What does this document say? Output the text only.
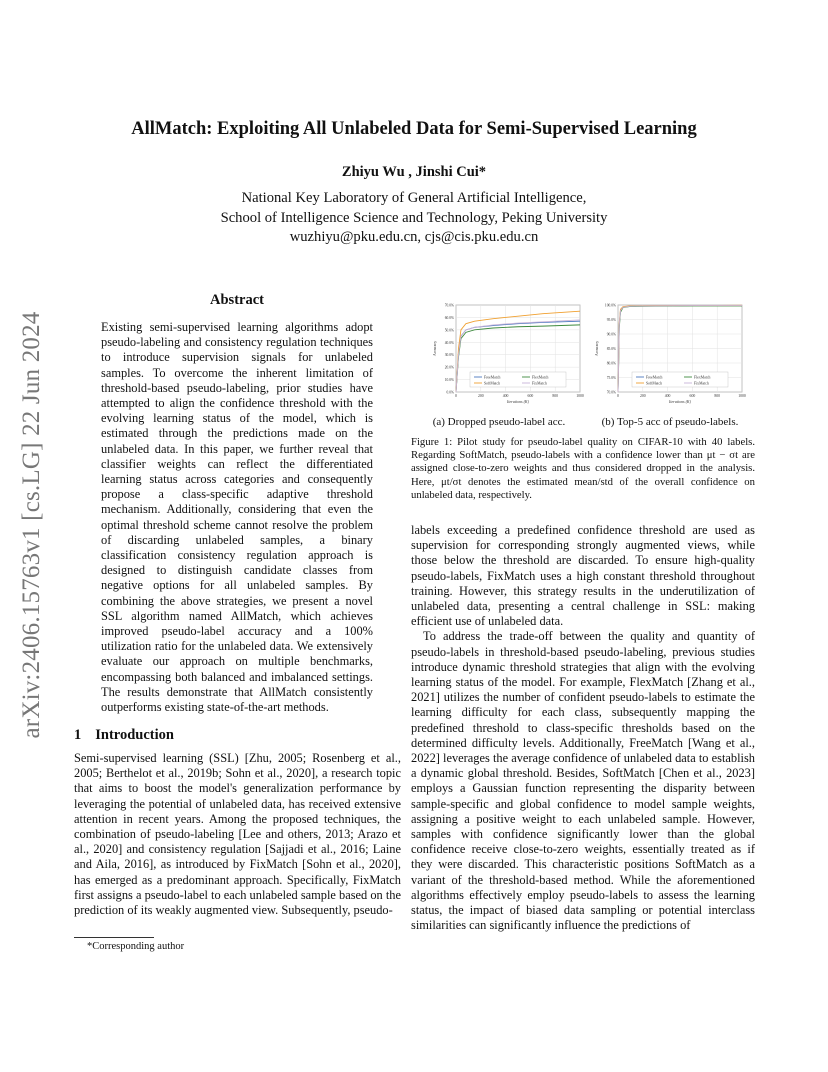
AllMatch: Exploiting All Unlabeled Data for Semi-Supervised Learning
Zhiyu Wu , Jinshi Cui*
National Key Laboratory of General Artificial Intelligence,
School of Intelligence Science and Technology, Peking University
wuzhiyu@pku.edu.cn, cjs@cis.pku.edu.cn
arXiv:2406.15763v1 [cs.LG] 22 Jun 2024
Abstract
Existing semi-supervised learning algorithms adopt pseudo-labeling and consistency regulation techniques to introduce supervision signals for unlabeled samples. To overcome the inherent limitation of threshold-based pseudo-labeling, prior studies have attempted to align the confidence threshold with the evolving learning status of the model, which is estimated through the predictions made on the unlabeled data. In this paper, we further reveal that classifier weights can reflect the differentiated learning status across categories and consequently propose a class-specific adaptive threshold mechanism. Additionally, considering that even the optimal threshold scheme cannot resolve the problem of discarding unlabeled samples, a binary classification consistency regulation approach is designed to distinguish candidate classes from negative options for all unlabeled samples. By combining the above strategies, we present a novel SSL algorithm named AllMatch, which achieves improved pseudo-label accuracy and a 100% utilization ratio for the unlabeled data. We extensively evaluate our approach on multiple benchmarks, encompassing both balanced and imbalanced settings. The results demonstrate that AllMatch consistently outperforms existing state-of-the-art methods.
1 Introduction
Semi-supervised learning (SSL) [Zhu, 2005; Rosenberg et al., 2005; Berthelot et al., 2019b; Sohn et al., 2020], a research topic that aims to boost the model's generalization performance by leveraging the potential of unlabeled data, has received extensive attention in recent years. Among the proposed techniques, the combination of pseudo-labeling [Lee and others, 2013; Arazo et al., 2020] and consistency regulation [Sajjadi et al., 2016; Laine and Aila, 2016], as introduced by FixMatch [Sohn et al., 2020], has emerged as a predominant approach. Specifically, FixMatch first assigns a pseudo-label to each unlabeled sample based on the prediction of its weakly augmented view. Subsequently, pseudo-
*Corresponding author
0.0%
10.0%
20.0%
30.0%
40.0%
50.0%
60.0%
70.0%
0	200	400	600	800	1000
Iterations (K)
Accuracy
FreeMatch	FlexMatch
SoftMatch	FixMatch
70.0%
75.0%
80.0%
85.0%
90.0%
95.0%
100.0%
0	200	400	600	800	1000
Iterations (K)
Accuracy
FreeMatch	FlexMatch
SoftMatch	FixMatch
(a) Dropped pseudo-label acc.	(b) Top-5 acc of pseudo-labels.
Figure 1: Pilot study for pseudo-label quality on CIFAR-10 with 40 labels. Regarding SoftMatch, pseudo-labels with a confidence lower than μt − σt are assigned close-to-zero weights and thus considered dropped in the analysis. Here, μt/σt denotes the estimated mean/std of the overall confidence on unlabeled data, respectively.
labels exceeding a predefined confidence threshold are used as supervision for corresponding strongly augmented views, while those below the threshold are discarded. To ensure high-quality pseudo-labels, FixMatch uses a high constant threshold throughout training. However, this strategy results in the underutilization of unlabeled data, presenting a central challenge in SSL: making efficient use of unlabeled data.
To address the trade-off between the quality and quantity of pseudo-labels in threshold-based pseudo-labeling, previous studies introduce dynamic threshold strategies that align with the evolving learning status of the model. For example, FlexMatch [Zhang et al., 2021] utilizes the number of confident pseudo-labels to estimate the learning difficulty for each class, subsequently mapping the predefined threshold to class-specific thresholds based on the determined difficulty levels. Additionally, FreeMatch [Wang et al., 2022] leverages the average confidence of unlabeled data to establish a dynamic global threshold. Besides, SoftMatch [Chen et al., 2023] employs a Gaussian function representing the disparity between sample-specific and global confidence to model sample weights, assigning a positive weight to each unlabeled sample. However, samples with confidence significantly lower than the global confidence receive close-to-zero weights, essentially treated as if they were discarded. This characteristic positions SoftMatch as a variant of the threshold-based method. While the aforementioned algorithms effectively employ pseudo-labels to assess the learning status, the impact of biased data sampling or potential interclass similarities can significantly influence the predictions of
